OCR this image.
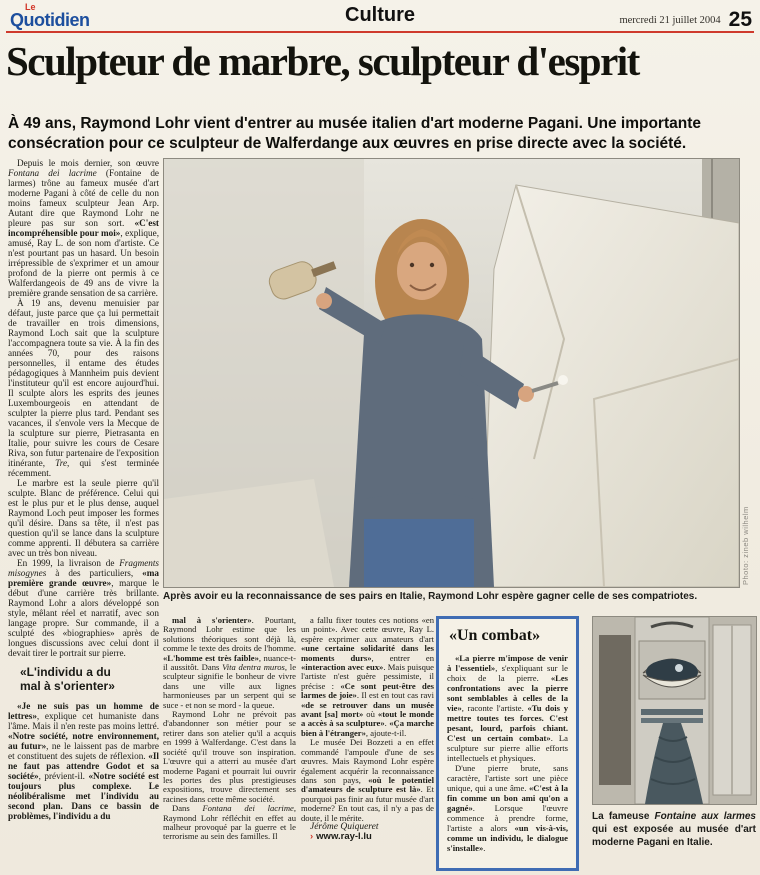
Le
Quotidien	Culture	mercredi 21 juillet 2004 25
Sculpteur de marbre, sculpteur d'esprit
À 49 ans, Raymond Lohr vient d'entrer au musée italien d'art moderne Pagani. Une importante consécration pour ce sculpteur de Walferdange aux œuvres en prise directe avec la société.

Depuis le mois dernier, son œuvre Fontana dei lacrime (Fontaine de larmes) trône au fameux musée d'art moderne Pagani à côté de celle du non moins fameux sculpteur Jean Arp. Autant dire que Raymond Lohr ne pleure pas sur son sort. «C'est incompréhensible pour moi», explique, amusé, Ray L. de son nom d'artiste. Ce n'est pourtant pas un hasard. Un besoin irrépressible de s'exprimer et un amour profond de la pierre ont permis à ce Walferdangeois de 49 ans de vivre la première grande sensation de sa carrière.

À 19 ans, devenu menuisier par défaut, juste parce que ça lui permettait de travailler en trois dimensions, Raymond Loch sait que la sculpture l'accompagnera toute sa vie. À la fin des années 70, pour des raisons personnelles, il entame des études pédagogiques à Mannheim puis devient l'instituteur qu'il est encore aujourd'hui. Il sculpte alors les esprits des jeunes Luxembourgeois en attendant de sculpter la pierre plus tard. Pendant ses vacances, il s'envole vers la Mecque de la sculpture sur pierre, Pietrasanta en Italie, pour suivre les cours de Cesare Riva, son futur partenaire de l'exposition itinérante, Tre, qui s'est terminée récemment.

Le marbre est la seule pierre qu'il sculpte. Blanc de préférence. Celui qui est le plus pur et le plus dense, auquel Raymond Loch peut imposer les formes qu'il désire. Dans sa tête, il n'est pas question qu'il se lance dans la sculpture comme apprenti. Il débutera sa carrière avec un très bon niveau.

En 1999, la livraison de Fragments misogynes à des particuliers, «ma première grande œuvre», marque le début d'une carrière très brillante. Raymond Lohr a alors développé son style, mêlant réel et narratif, avec son langage propre. Sur commande, il a sculpté des «biographies» après de longues discussions avec celui dont il devait tirer le portrait sur pierre.

«L'individu a du mal à s'orienter»

«Je ne suis pas un homme de lettres», explique cet humaniste dans l'âme. Mais il n'en reste pas moins lettré. «Notre société, notre environnement, au futur», ne le laissent pas de marbre et constituent des sujets de réflexion. «Il ne faut pas attendre Godot et sa société», prévient-il. «Notre société est toujours plus complexe. Le néolibéralisme met l'individu au second plan. Dans ce bassin de problèmes, l'individu a du

Photo: zineb wilhelm
Après avoir eu la reconnaissance de ses pairs en Italie, Raymond Lohr espère gagner celle de ses compatriotes.

mal à s'orienter». Pourtant, Raymond Lohr estime que les solutions théoriques sont déjà là, comme le texte des droits de l'homme. «L'homme est très faible», nuance-t-il aussitôt. Dans Vita dentra muros, le sculpteur signifie le bonheur de vivre dans une ville aux lignes harmonieuses par un serpent qui se suce - et non se mord - la queue.

Raymond Lohr ne prévoit pas d'abandonner son métier pour se retirer dans son atelier qu'il a acquis en 1999 à Walferdange. C'est dans la société qu'il trouve son inspiration. L'œuvre qui a atterri au musée d'art moderne Pagani et pourrait lui ouvrir les portes des plus prestigieuses expositions, trouve directement ses racines dans cette même société.

Dans Fontana dei lacrime, Raymond Lohr réfléchit en effet au malheur provoqué par la guerre et le terrorisme au sein des familles. Il

a fallu fixer toutes ces notions «en un point». Avec cette œuvre, Ray L. espère exprimer aux amateurs d'art «une certaine solidarité dans les moments durs», entrer en «interaction avec eux». Mais puisque l'artiste n'est guère pessimiste, il précise : «Ce sont peut-être des larmes de joie». Il est en tout cas ravi «de se retrouver dans un musée avant [sa] mort» où «tout le monde a accès à sa sculpture». «Ça marche bien à l'étranger», ajoute-t-il.

Le musée Dei Bozzeti a en effet commandé l'ampoule d'une de ses œuvres. Mais Raymond Lohr espère également acquérir la reconnaissance dans son pays, «où le potentiel d'amateurs de sculpture est là». Et pourquoi pas finir au futur musée d'art moderne? En tout cas, il n'y a pas de doute, il le mérite.

Jérôme Quiqueret

› www.ray-l.lu

«Un combat»

«La pierre m'impose de venir à l'essentiel», s'expliquant sur le choix de la pierre. «Les confrontations avec la pierre sont semblables à celles de la vie», raconte l'artiste. «Tu dois y mettre toutes tes forces. C'est pesant, lourd, parfois chiant. C'est un certain combat». La sculpture sur pierre allie efforts intellectuels et physiques.

D'une pierre brute, sans caractère, l'artiste sort une pièce unique, qui a une âme. «C'est à la fin comme un bon ami qu'on a gagné». Lorsque l'œuvre commence à prendre forme, l'artiste a alors «un vis-à-vis, comme un individu, le dialogue s'installe».

La fameuse Fontaine aux larmes qui est exposée au musée d'art moderne Pagani en Italie.
